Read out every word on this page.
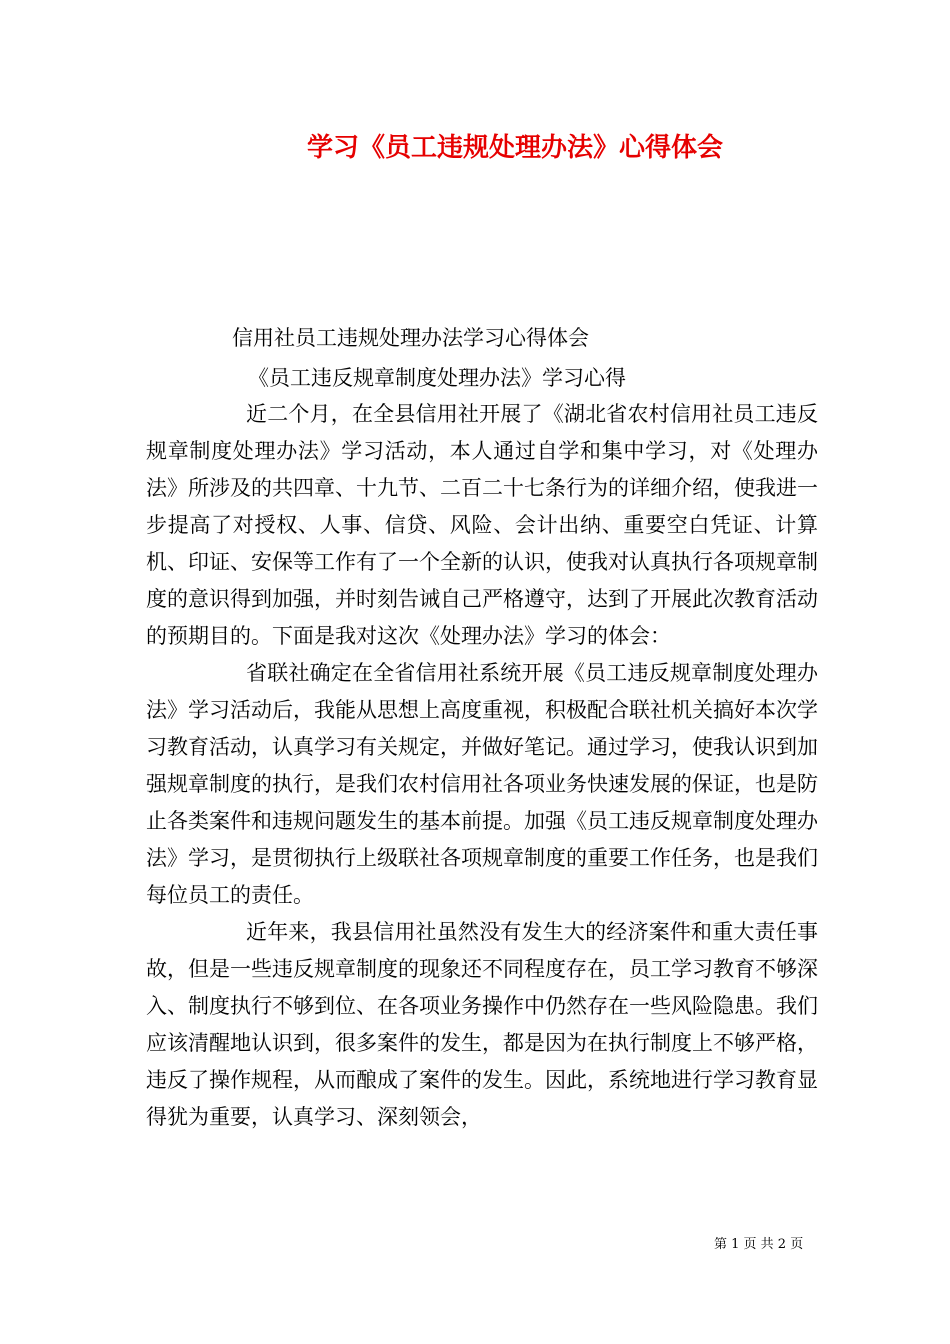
学习《员工违规处理办法》心得体会
信用社员工违规处理办法学习心得体会
《员工违反规章制度处理办法》学习心得

近二个月，在全县信用社开展了《湖北省农村信用社员工违反规章制度处理办法》学习活动，本人通过自学和集中学习，对《处理办法》所涉及的共四章、十九节、二百二十七条行为的详细介绍，使我进一步提高了对授权、人事、信贷、风险、会计出纳、重要空白凭证、计算机、印证、安保等工作有了一个全新的认识，使我对认真执行各项规章制度的意识得到加强，并时刻告诫自己严格遵守，达到了开展此次教育活动的预期目的。下面是我对这次《处理办法》学习的体会：

省联社确定在全省信用社系统开展《员工违反规章制度处理办法》学习活动后，我能从思想上高度重视，积极配合联社机关搞好本次学习教育活动，认真学习有关规定，并做好笔记。通过学习，使我认识到加强规章制度的执行，是我们农村信用社各项业务快速发展的保证，也是防止各类案件和违规问题发生的基本前提。加强《员工违反规章制度处理办法》学习，是贯彻执行上级联社各项规章制度的重要工作任务，也是我们每位员工的责任。

近年来，我县信用社虽然没有发生大的经济案件和重大责任事故，但是一些违反规章制度的现象还不同程度存在，员工学习教育不够深入、制度执行不够到位、在各项业务操作中仍然存在一些风险隐患。我们应该清醒地认识到，很多案件的发生，都是因为在执行制度上不够严格，违反了操作规程，从而酿成了案件的发生。因此，系统地进行学习教育显得犹为重要，认真学习、深刻领会，

第 1 页 共 2 页
